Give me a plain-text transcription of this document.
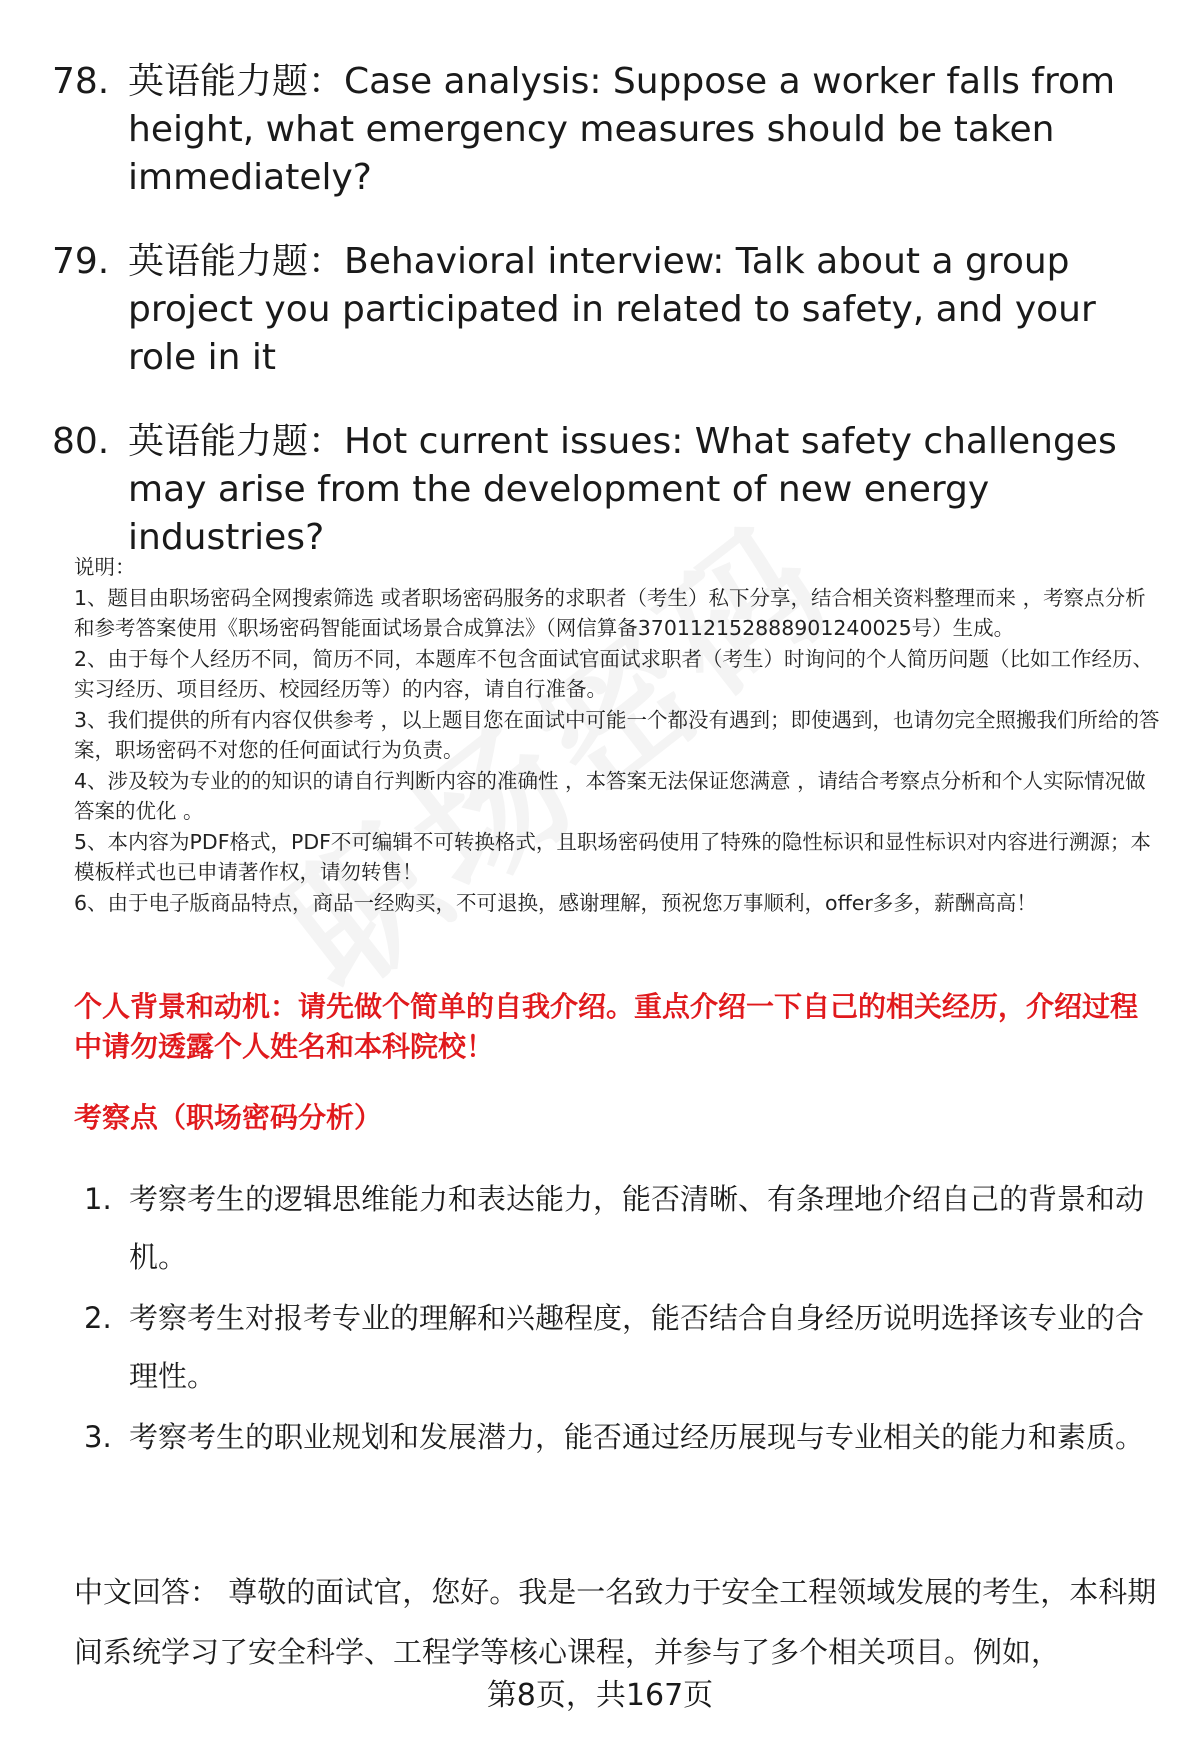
78. 英语能力题：Case analysis: Suppose a worker falls from height, what emergency measures should be taken immediately?
79. 英语能力题：Behavioral interview: Talk about a group project you participated in related to safety, and your role in it
80. 英语能力题：Hot current issues: What safety challenges may arise from the development of new energy industries?

说明：

1、题目由职场密码全网搜索筛选 或者职场密码服务的求职者（考生）私下分享，结合相关资料整理而来 ，考察点分析和参考答案使用《职场密码智能面试场景合成算法》（网信算备370112152888901240025号）生成。

2、由于每个人经历不同，简历不同，本题库不包含面试官面试求职者（考生）时询问的个人简历问题（比如工作经历、实习经历、项目经历、校园经历等）的内容，请自行准备。

3、我们提供的所有内容仅供参考 ，以上题目您在面试中可能一个都没有遇到；即使遇到，也请勿完全照搬我们所给的答案，职场密码不对您的任何面试行为负责。

4、涉及较为专业的的知识的请自行判断内容的准确性 ，本答案无法保证您满意 ，请结合考察点分析和个人实际情况做答案的优化 。

5、本内容为PDF格式，PDF不可编辑不可转换格式，且职场密码使用了特殊的隐性标识和显性标识对内容进行溯源；本模板样式也已申请著作权，请勿转售！

6、由于电子版商品特点，商品一经购买，不可退换，感谢理解，预祝您万事顺利，offer多多，薪酬高高！

个人背景和动机：请先做个简单的自我介绍。重点介绍一下自己的相关经历，介绍过程中请勿透露个人姓名和本科院校！
考察点（职场密码分析）
1. 考察考生的逻辑思维能力和表达能力，能否清晰、有条理地介绍自己的背景和动机。
2. 考察考生对报考专业的理解和兴趣程度，能否结合自身经历说明选择该专业的合理性。
3. 考察考生的职业规划和发展潜力，能否通过经历展现与专业相关的能力和素质。
中文回答： 尊敬的面试官，您好。我是一名致力于安全工程领域发展的考生，本科期间系统学习了安全科学、工程学等核心课程，并参与了多个相关项目。例如，
第8页，共167页
